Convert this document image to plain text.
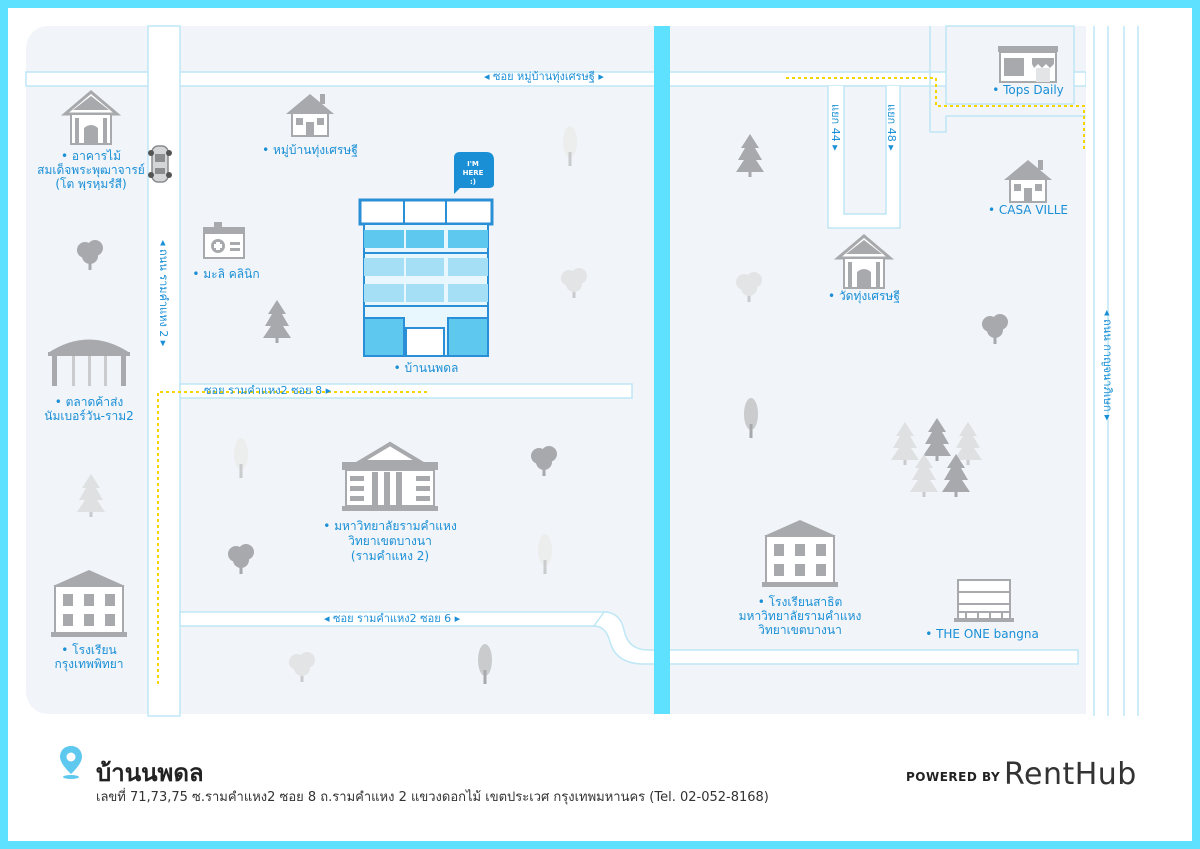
◂ ซอย หมู่บ้านทุ่งเศรษฐี ▸
ซอย รามคำแหง2 ซอย 8 ▸
◂ ซอย รามคำแหง2 ซอย 6 ▸
◂ ถนน รามคำแหง 2 ▸
แยก 44 ▸
แยก 48 ▸
◂ ถนน กาญจนาภิเษก ▸
• อาคารไม้สมเด็จพระพุฒาจารย์(โต พฺรหฺมรํสี)
• ตลาดค้าส่งนัมเบอร์วัน-ราม2
• โรงเรียนกรุงเทพพิทยา
• หมู่บ้านทุ่งเศรษฐี
• มะลิ คลินิก
I'M
HERE
:)
• บ้านนพดล
• มหาวิทยาลัยรามคำแหงวิทยาเขตบางนา(รามคำแหง 2)
• Tops Daily
• CASA VILLE
• วัดทุ่งเศรษฐี
• โรงเรียนสาธิตมหาวิทยาลัยรามคำแหงวิทยาเขตบางนา	• THE ONE bangna
บ้านนพดล
เลขที่ 71,73,75 ซ.รามคำแหง2 ซอย 8 ถ.รามคำแหง 2 แขวงดอกไม้ เขตประเวศ กรุงเทพมหานคร (Tel. 02-052-8168)
POWERED BY RentHub
